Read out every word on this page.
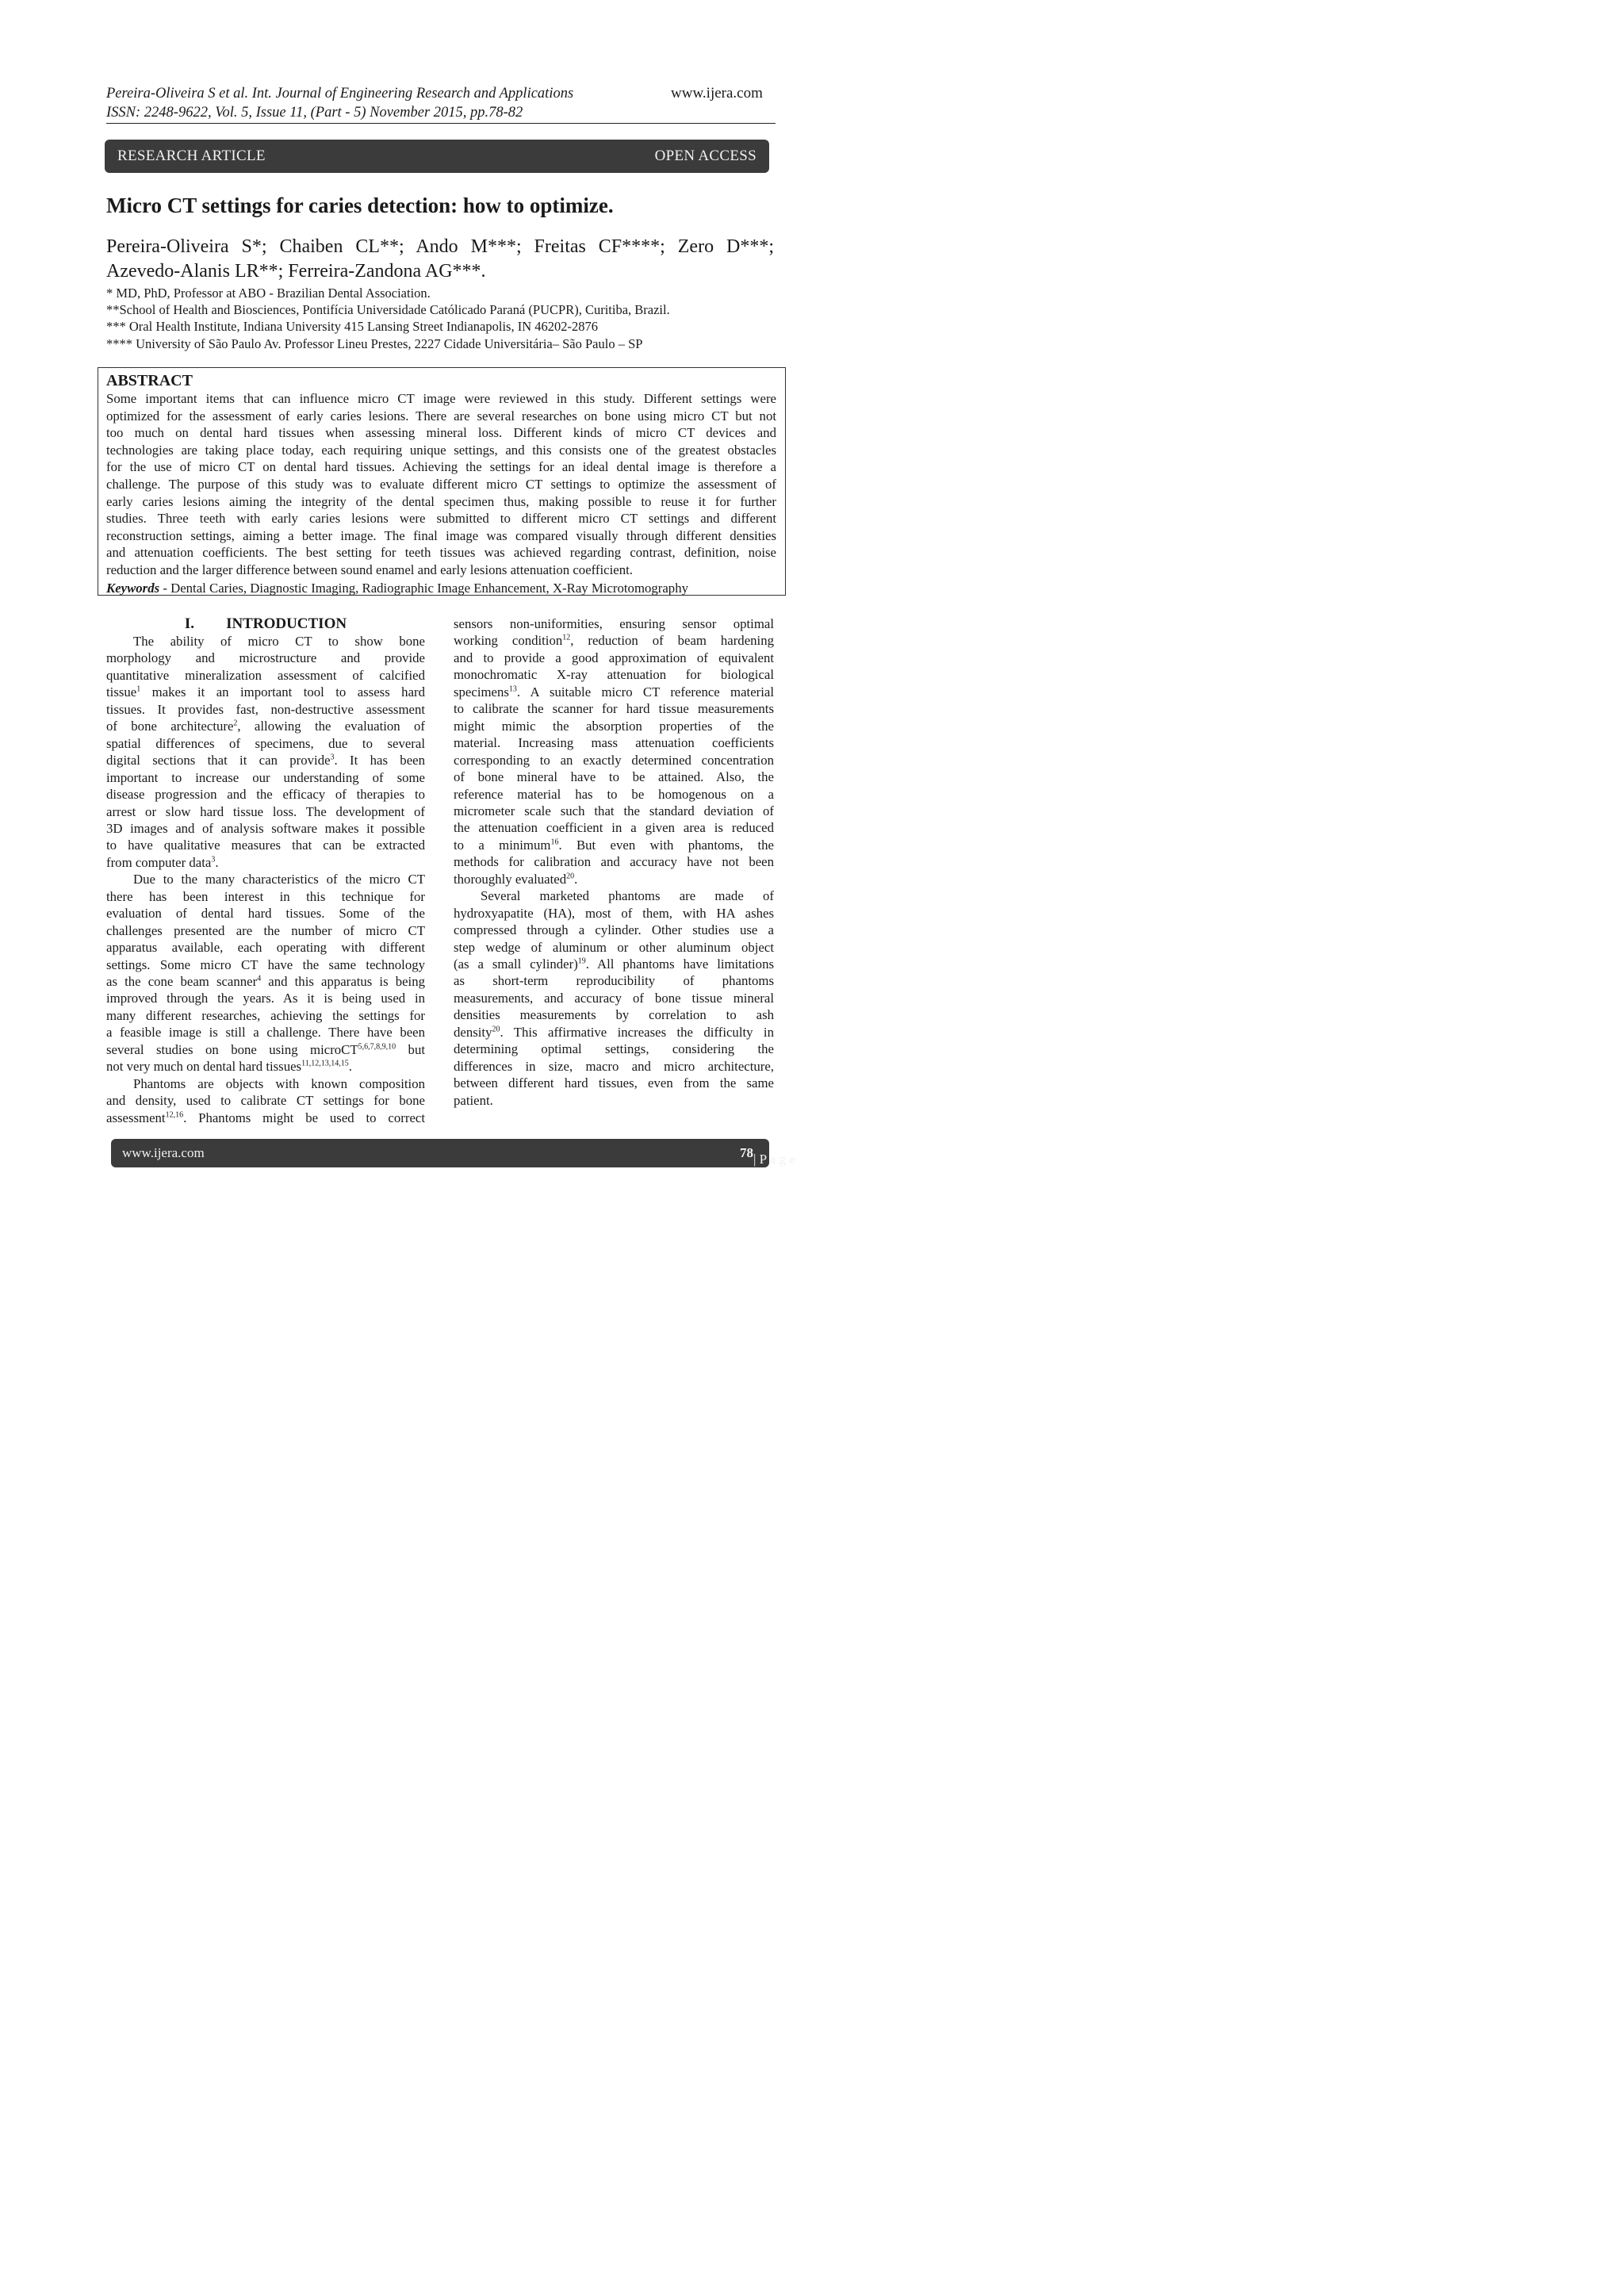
Pereira-Oliveira S et al. Int. Journal of Engineering Research and Applications
ISSN: 2248-9622, Vol. 5, Issue 11, (Part - 5) November 2015, pp.78-82
www.ijera.com
RESEARCH ARTICLE	OPEN ACCESS
Micro CT settings for caries detection: how to optimize.
Pereira-Oliveira S*; Chaiben CL**; Ando M***; Freitas CF****; Zero D***; Azevedo-Alanis LR**; Ferreira-Zandona AG***.
* MD, PhD, Professor at ABO - Brazilian Dental Association.
**School of Health and Biosciences, Pontifícia Universidade Católicado Paraná (PUCPR), Curitiba, Brazil.
*** Oral Health Institute, Indiana University 415 Lansing Street Indianapolis, IN 46202-2876
**** University of São Paulo Av. Professor Lineu Prestes, 2227 Cidade Universitária– São Paulo – SP
ABSTRACT
Some important items that can influence micro CT image were reviewed in this study. Different settings were
optimized for the assessment of early caries lesions. There are several researches on bone using micro CT but not
too much on dental hard tissues when assessing mineral loss. Different kinds of micro CT devices and
technologies are taking place today, each requiring unique settings, and this consists one of the greatest obstacles
for the use of micro CT on dental hard tissues. Achieving the settings for an ideal dental image is therefore a
challenge. The purpose of this study was to evaluate different micro CT settings to optimize the assessment of
early caries lesions aiming the integrity of the dental specimen thus, making possible to reuse it for further
studies. Three teeth with early caries lesions were submitted to different micro CT settings and different
reconstruction settings, aiming a better image. The final image was compared visually through different densities
and attenuation coefficients. The best setting for teeth tissues was achieved regarding contrast, definition, noise
reduction and the larger difference between sound enamel and early lesions attenuation coefficient.
Keywords - Dental Caries, Diagnostic Imaging, Radiographic Image Enhancement, X-Ray Microtomography
I. INTRODUCTION
The ability of micro CT to show bone
morphology and microstructure and provide
quantitative mineralization assessment of calcified
tissue$^1$ makes it an important tool to assess hard
tissues. It provides fast, non-destructive assessment
of bone architecture$^2$, allowing the evaluation of
spatial differences of specimens, due to several
digital sections that it can provide$^3$. It has been
important to increase our understanding of some
disease progression and the efficacy of therapies to
arrest or slow hard tissue loss. The development of
3D images and of analysis software makes it possible
to have qualitative measures that can be extracted
from computer data$^3$.
Due to the many characteristics of the micro CT
there has been interest in this technique for
evaluation of dental hard tissues. Some of the
challenges presented are the number of micro CT
apparatus available, each operating with different
settings. Some micro CT have the same technology
as the cone beam scanner$^4$ and this apparatus is being
improved through the years. As it is being used in
many different researches, achieving the settings for
a feasible image is still a challenge. There have been
several studies on bone using microCT$^{5,6,7,8,9,10}$ but
not very much on dental hard tissues$^{11,12,13,14,15}$.
Phantoms are objects with known composition
and density, used to calibrate CT settings for bone
assessment$^{12,16}$. Phantoms might be used to correct
sensors non-uniformities, ensuring sensor optimal
working condition$^{12}$, reduction of beam hardening
and to provide a good approximation of equivalent
monochromatic X-ray attenuation for biological
specimens$^{13}$. A suitable micro CT reference material
to calibrate the scanner for hard tissue measurements
might mimic the absorption properties of the
material. Increasing mass attenuation coefficients
corresponding to an exactly determined concentration
of bone mineral have to be attained. Also, the
reference material has to be homogenous on a
micrometer scale such that the standard deviation of
the attenuation coefficient in a given area is reduced
to a minimum$^{16}$. But even with phantoms, the
methods for calibration and accuracy have not been
thoroughly evaluated$^{20}$.
Several marketed phantoms are made of
hydroxyapatite (HA), most of them, with HA ashes
compressed through a cylinder. Other studies use a
step wedge of aluminum or other aluminum object
(as a small cylinder)$^{19}$. All phantoms have limitations
as short-term reproducibility of phantoms
measurements, and accuracy of bone tissue mineral
densities measurements by correlation to ash
density$^{20}$. This affirmative increases the difficulty in
determining optimal settings, considering the
differences in size, macro and micro architecture,
between different hard tissues, even from the same
patient.
www.ijera.com	78 | P a g e
